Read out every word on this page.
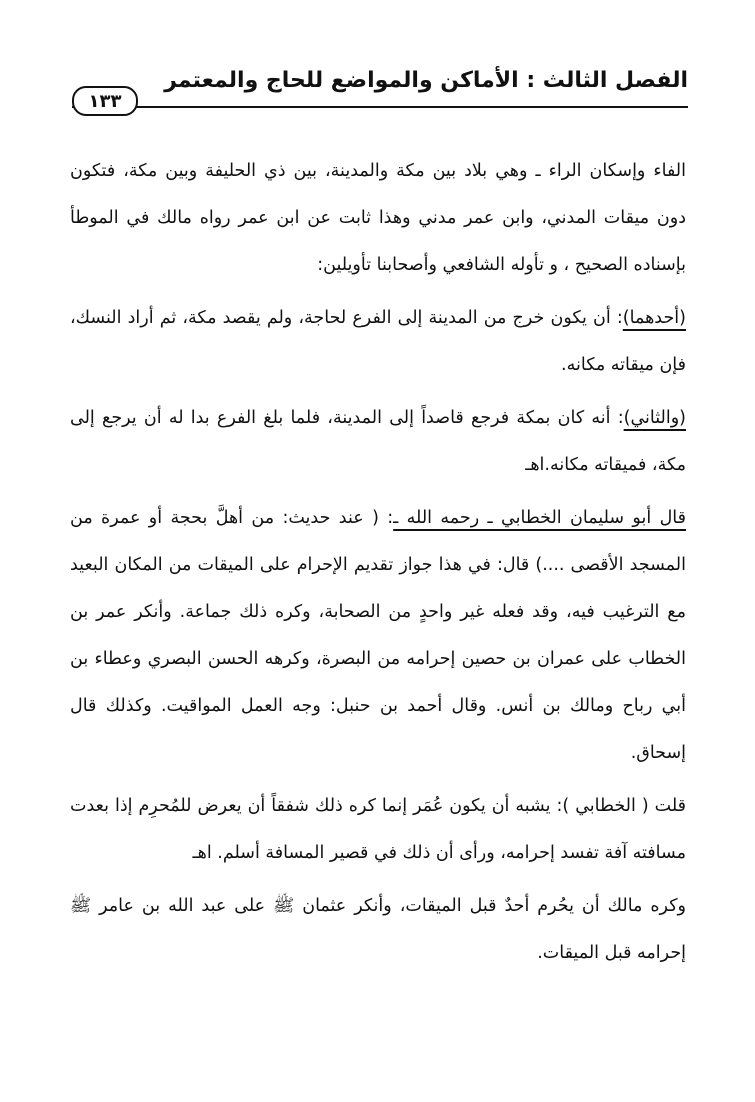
الفصل الثالث : الأماكن والمواضع للحاج والمعتمر
١٣٣

الفاء وإسكان الراء ـ وهي بلاد بين مكة والمدينة، بين ذي الحليفة وبين مكة، فتكون دون ميقات المدني، وابن عمر مدني وهذا ثابت عن ابن عمر رواه مالك في الموطأ بإسناده الصحيح ، و تأوله الشافعي وأصحابنا تأويلين:

(أحدهما): أن يكون خرج من المدينة إلى الفرع لحاجة، ولم يقصد مكة، ثم أراد النسك، فإن ميقاته مكانه.

(والثاني): أنه كان بمكة فرجع قاصداً إلى المدينة، فلما بلغ الفرع بدا له أن يرجع إلى مكة، فميقاته مكانه.اهـ

قال أبو سليمان الخطابي ـ رحمه الله ـ: ( عند حديث: من أهلَّ بحجة أو عمرة من المسجد الأقصى ....) قال: في هذا جواز تقديم الإحرام على الميقات من المكان البعيد مع الترغيب فيه، وقد فعله غير واحدٍ من الصحابة، وكره ذلك جماعة. وأنكر عمر بن الخطاب على عمران بن حصين إحرامه من البصرة، وكرهه الحسن البصري وعطاء بن أبي رباح ومالك بن أنس. وقال أحمد بن حنبل: وجه العمل المواقيت. وكذلك قال إسحاق.

قلت ( الخطابي ): يشبه أن يكون عُمَر إنما كره ذلك شفقاً أن يعرض للمُحرِم إذا بعدت مسافته آفة تفسد إحرامه، ورأى أن ذلك في قصير المسافة أسلم. اهـ

وكره مالك أن يحُرم أحدٌ قبل الميقات، وأنكر عثمان ﷺ على عبد الله بن عامر ﷺ إحرامه قبل الميقات.
